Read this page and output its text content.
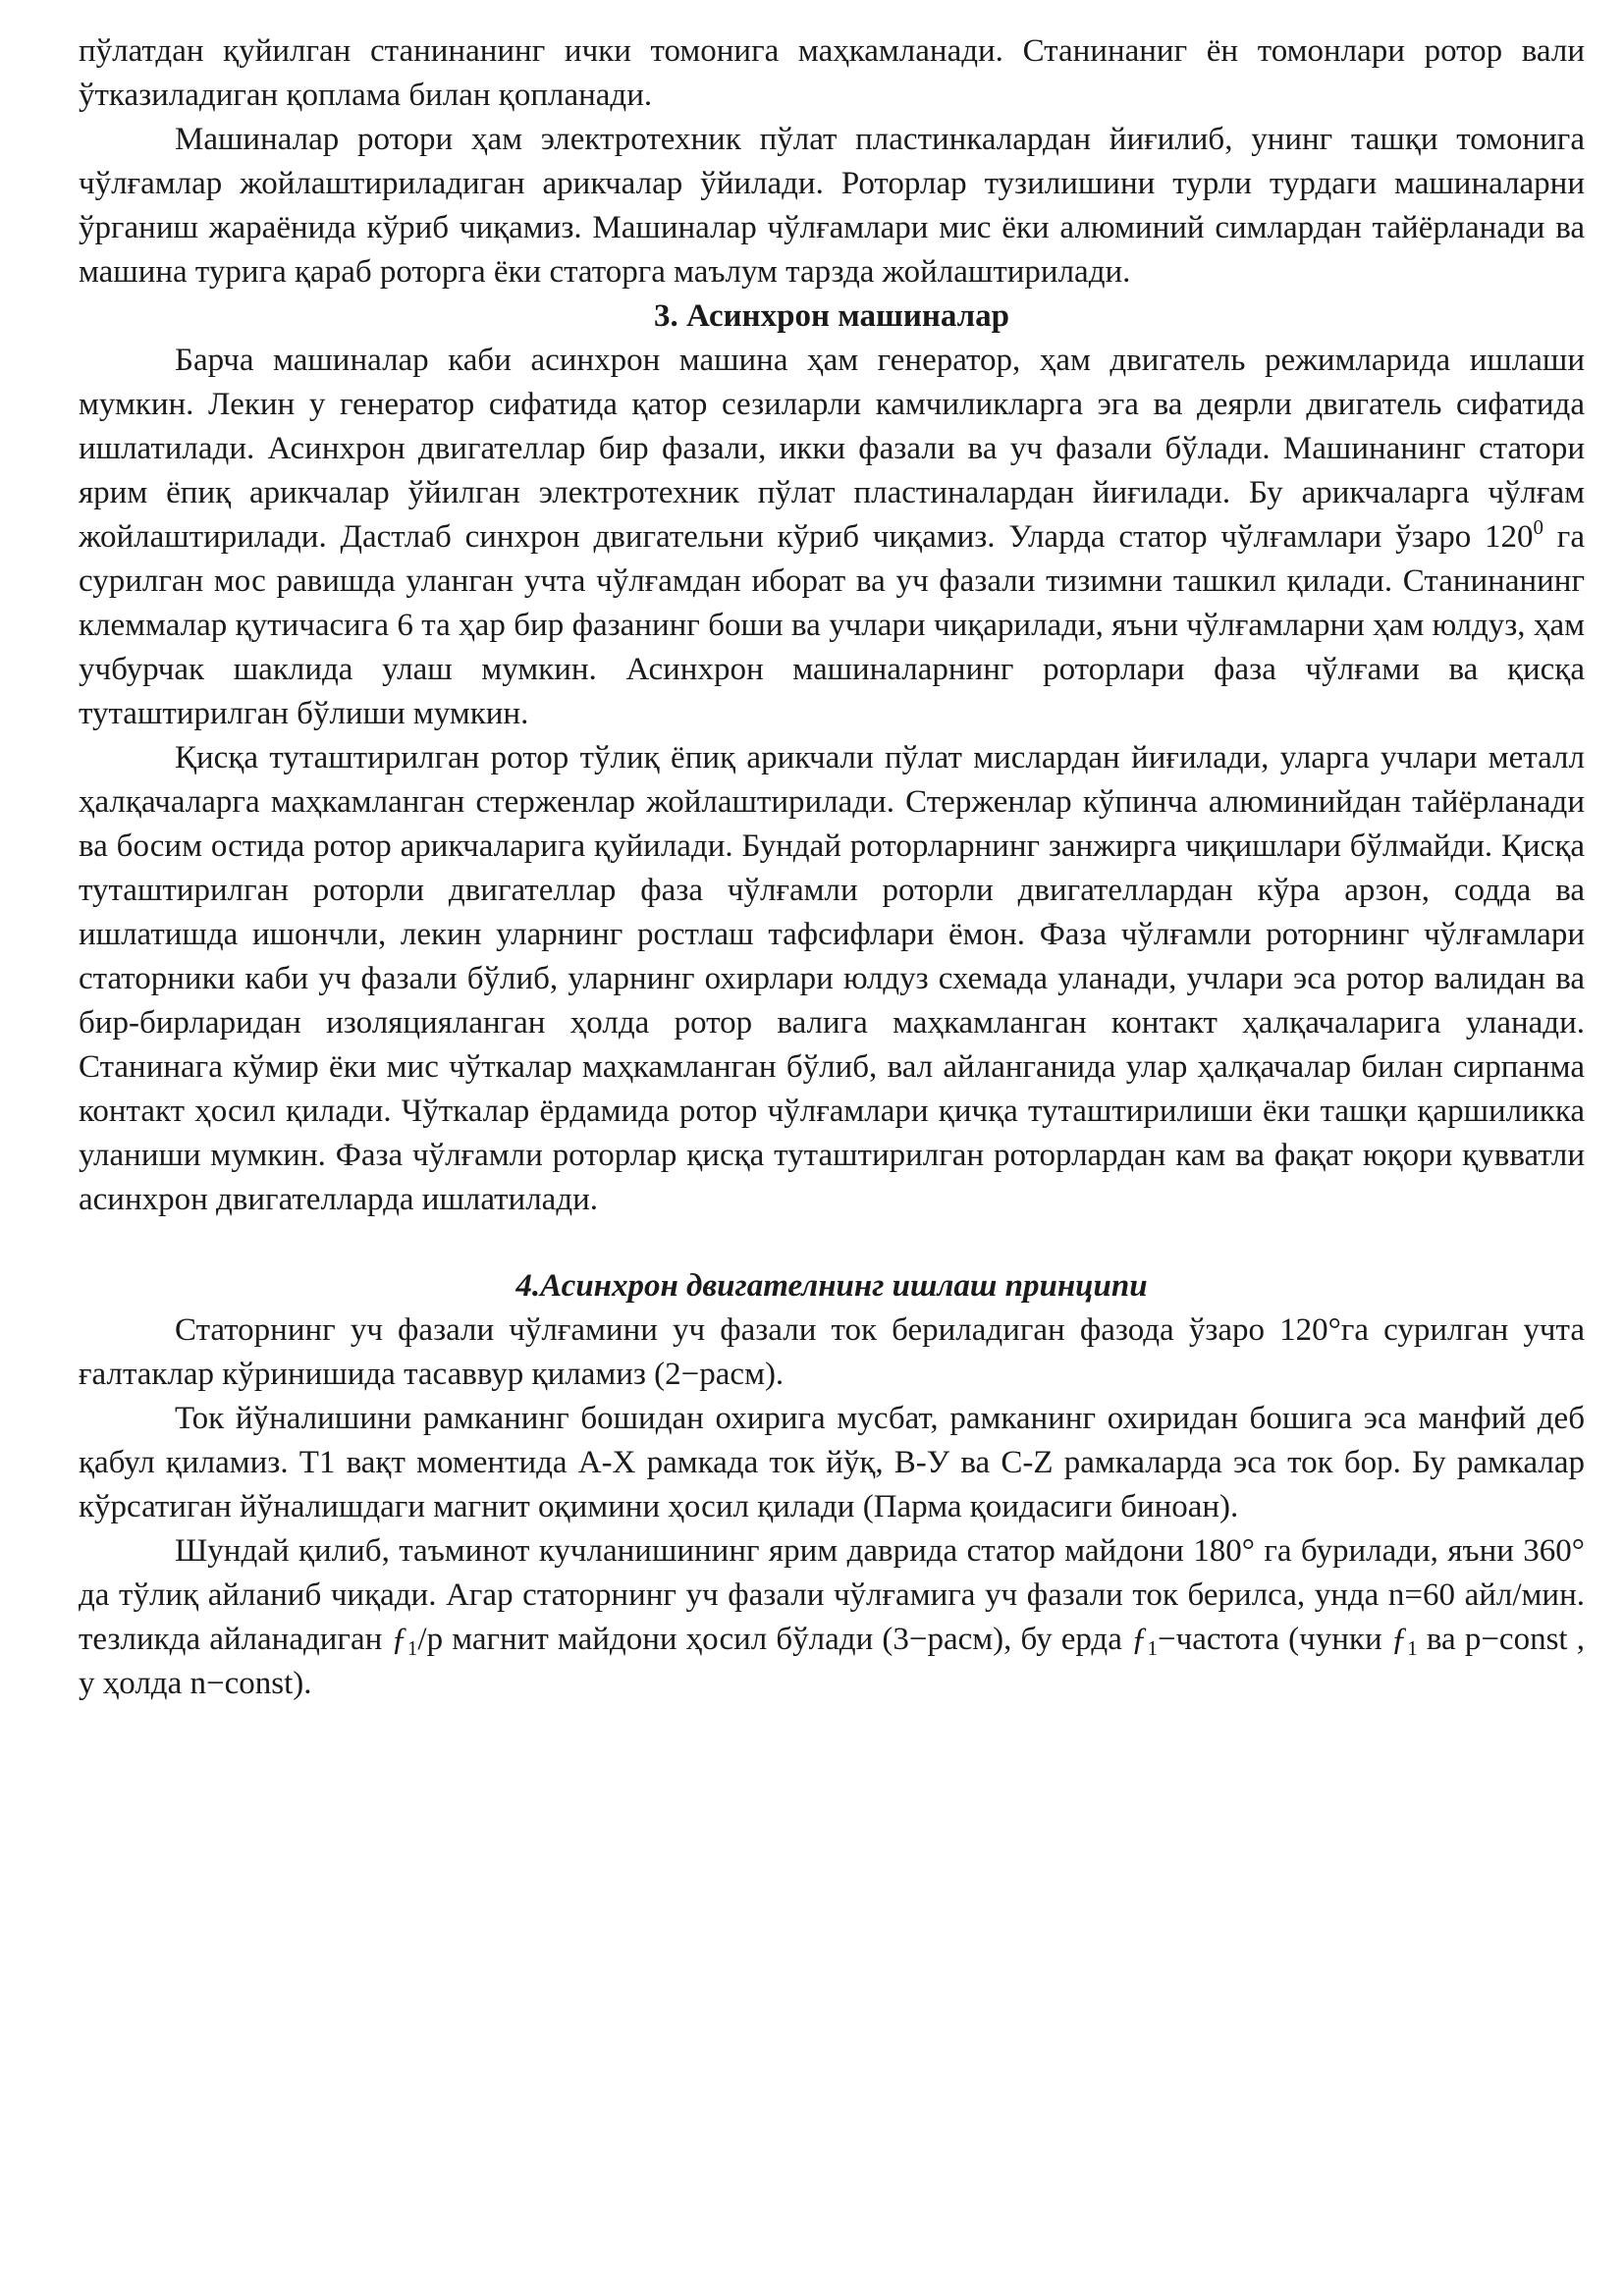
пўлатдан қуйилган станинанинг ички томонига маҳкамланади. Станинаниг ён томонлари ротор вали ўтказиладиган қоплама билан қопланади.

Машиналар ротори ҳам электротехник пўлат пластинкалардан йиғилиб, унинг ташқи томонига чўлғамлар жойлаштириладиган арикчалар ўйилади. Роторлар тузилишини турли турдаги машиналарни ўрганиш жараёнида кўриб чиқамиз. Машиналар чўлғамлари мис ёки алюминий симлардан тайёрланади ва машина турига қараб роторга ёки статорга маълум тарзда жойлаштирилади.

3. Асинхрон машиналар

Барча машиналар каби асинхрон машина ҳам генератор, ҳам двигатель режимларида ишлаши мумкин. Лекин у генератор сифатида қатор сезиларли камчиликларга эга ва деярли двигатель сифатида ишлатилади. Асинхрон двигателлар бир фазали, икки фазали ва уч фазали бўлади. Машинанинг статори ярим ёпиқ арикчалар ўйилган электротехник пўлат пластиналардан йиғилади. Бу арикчаларга чўлғам жойлаштирилади. Дастлаб синхрон двигательни кўриб чиқамиз. Уларда статор чўлғамлари ўзаро $120^0$ га сурилган мос равишда уланган учта чўлғамдан иборат ва уч фазали тизимни ташкил қилади. Станинанинг клеммалар қутичасига 6 та ҳар бир фазанинг боши ва учлари чиқарилади, яъни чўлғамларни ҳам юлдуз, ҳам учбурчак шаклида улаш мумкин. Асинхрон машиналарнинг роторлари фаза чўлғами ва қисқа туташтирилган бўлиши мумкин.

Қисқа туташтирилган ротор тўлиқ ёпиқ арикчали пўлат мислардан йиғилади, уларга учлари металл ҳалқачаларга маҳкамланган стерженлар жойлаштирилади. Стерженлар кўпинча алюминийдан тайёрланади ва босим остида ротор арикчаларига қуйилади. Бундай роторларнинг занжирга чиқишлари бўлмайди. Қисқа туташтирилган роторли двигателлар фаза чўлғамли роторли двигателлардан кўра арзон, содда ва ишлатишда ишончли, лекин уларнинг ростлаш тафсифлари ёмон. Фаза чўлғамли роторнинг чўлғамлари статорники каби уч фазали бўлиб, уларнинг охирлари юлдуз схемада уланади, учлари эса ротор валидан ва бир-бирларидан изоляцияланган ҳолда ротор валига маҳкамланган контакт ҳалқачаларига уланади. Станинага кўмир ёки мис чўткалар маҳкамланган бўлиб, вал айланганида улар ҳалқачалар билан сирпанма контакт ҳосил қилади. Чўткалар ёрдамида ротор чўлғамлари қичқа туташтирилиши ёки ташқи қаршиликка уланиши мумкин. Фаза чўлғамли роторлар қисқа туташтирилган роторлардан кам ва фақат юқори қувватли асинхрон двигателларда ишлатилади.

4.Асинхрон двигателнинг ишлаш принципи

Статорнинг уч фазали чўлғамини уч фазали ток бериладиган фазода ўзаро 120°га сурилган учта ғалтаклар кўринишида тасаввур қиламиз (2−расм).

Ток йўналишини рамканинг бошидан охирига мусбат, рамканинг охиридан бошига эса манфий деб қабул қиламиз. Т1 вақт моментида А-Х рамкада ток йўқ, В-У ва С-Z рамкаларда эса ток бор. Бу рамкалар кўрсатиган йўналишдаги магнит оқимини ҳосил қилади (Парма қоидасиги биноан).

Шундай қилиб, таъминот кучланишининг ярим даврида статор майдони 180° га бурилади, яъни 360° да тўлиқ айланиб чиқади. Агар статорнинг уч фазали чўлғамига уч фазали ток берилса, унда n=60 айл/мин. тезликда айланадиган $ƒ_1/р$ магнит майдони ҳосил бўлади (3−расм), бу ерда $ƒ_1-частота$ (чунки $ƒ_1$ ва р−const , у ҳолда n−const).
